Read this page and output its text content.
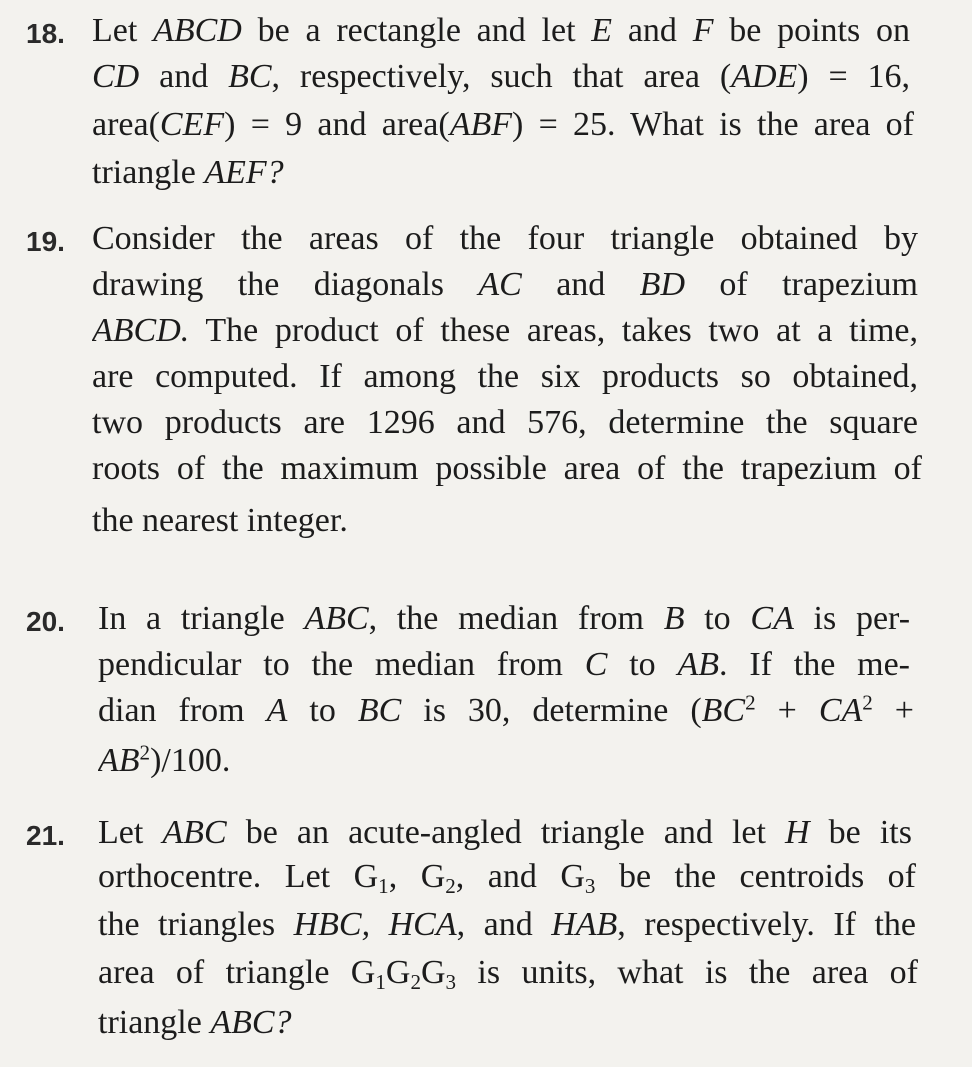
18. Let ABCD be a rectangle and let E and F be points on
CD and BC, respectively, such that area (ADE) = 16,
area(CEF) = 9 and area(ABF) = 25. What is the area of
triangle AEF?
19. Consider the areas of the four triangle obtained by
drawing the diagonals AC and BD of trapezium
ABCD. The product of these areas, takes two at a time,
are computed. If among the six products so obtained,
two products are 1296 and 576, determine the square
roots of the maximum possible area of the trapezium of
the nearest integer.
20. In a triangle ABC, the median from B to CA is per-
pendicular to the median from C to AB. If the me-
dian from A to BC is 30, determine ($BC^2 + CA^2$ +
$AB^2)/100$.
21. Let ABC be an acute-angled triangle and let H be its
orthocentre. Let $G_1$, $G_2$, and $G_3$ be the centroids of
the triangles HBC, HCA, and HAB, respectively. If the
area of triangle $G_1G_2G_3$ is units, what is the area of
triangle ABC?
